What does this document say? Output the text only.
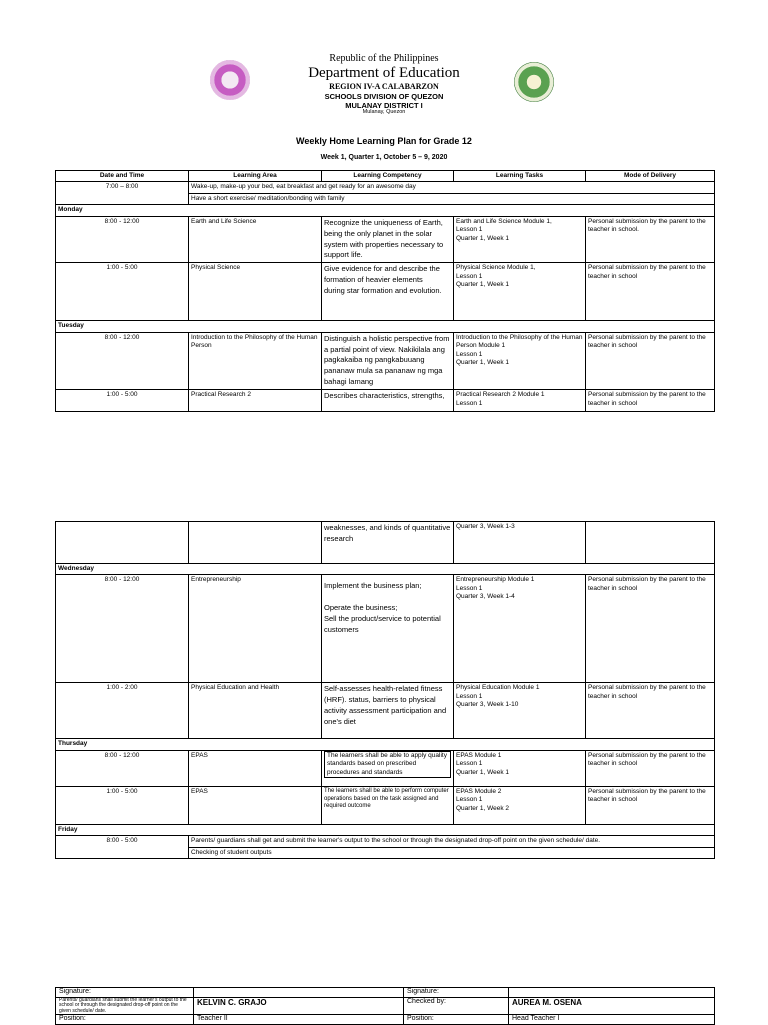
Republic of the Philippines
Department of Education
REGION IV-A CALABARZON
SCHOOLS DIVISION OF QUEZON
MULANAY DISTRICT I
Mulanay, Quezon
Weekly Home Learning Plan for Grade 12
Week 1, Quarter 1, October 5 – 9, 2020
Date and Time	Learning Area	Learning Competency	Learning Tasks	Mode of Delivery
7:00 – 8:00	Wake-up, make-up your bed, eat breakfast and get ready for an awesome day			
	Have a short exercise/ meditation/bonding with family			
Monday				
8:00 - 12:00	Earth and Life Science	Recognize the uniqueness of Earth, being the only planet in the solar system with properties necessary to support life.	Earth and Life Science Module 1,
Lesson 1
Quarter 1, Week 1	Personal submission by the parent to the teacher in school.
1:00 - 5:00	Physical Science	Give evidence for and describe the formation of heavier elements
during star formation and evolution.	Physical Science Module 1,
Lesson 1
Quarter 1, Week 1	Personal submission by the parent to the teacher in school
Tuesday				
8:00 - 12:00	Introduction to the Philosophy of the Human Person	Distinguish a holistic perspective from a partial point of view. Nakikilala ang pagkakaiba ng pangkabuuang pananaw mula sa pananaw ng mga bahagi lamang	Introduction to the Philosophy of the Human Person Module 1
Lesson 1
Quarter 1, Week 1	Personal submission by the parent to the teacher in school
1:00 - 5:00	Practical Research 2	Describes characteristics, strengths,	Practical Research 2 Module 1
Lesson 1	Personal submission by the parent to the teacher in school
		weaknesses, and kinds of quantitative
research	Quarter 3, Week 1-3	
Wednesday				
8:00 - 12:00	Entrepreneurship	Implement the business plan;

Operate the business;
Sell the product/service to potential customers	Entrepreneurship Module 1
Lesson 1
Quarter 3, Week 1-4	Personal submission by the parent to the teacher in school
1:00 - 2:00	Physical Education and Health	Self-assesses health-related fitness
(HRF). status, barriers to physical activity assessment participation and one's diet	Physical Education Module 1
Lesson 1
Quarter 3, Week 1-10	Personal submission by the parent to the teacher in school
Thursday				
8:00 - 12:00	EPAS	The learners shall be able to apply quality standards based on prescribed procedures and standards	EPAS Module 1
Lesson 1
Quarter 1, Week 1	Personal submission by the parent to the teacher in school
1:00 - 5:00	EPAS	The learners shall be able to perform computer operations based on the task assigned and required outcome	EPAS Module 2
Lesson 1
Quarter 1, Week 2	Personal submission by the parent to the teacher in school
Friday				
8:00 - 5:00	Parents/ guardians shall get and submit the learner's output to the school or through the designated drop-off point on the given schedule/ date.			
	Checking of student outputs			
Signature:		Signature:	
Parents/ guardians shall submit the learner's output to the school or through the designated drop-off point on the given schedule/ date.	KELVIN C. GRAJO	Checked by:	AUREA M. OSENA
Position:	Teacher II	Position:	Head Teacher I
